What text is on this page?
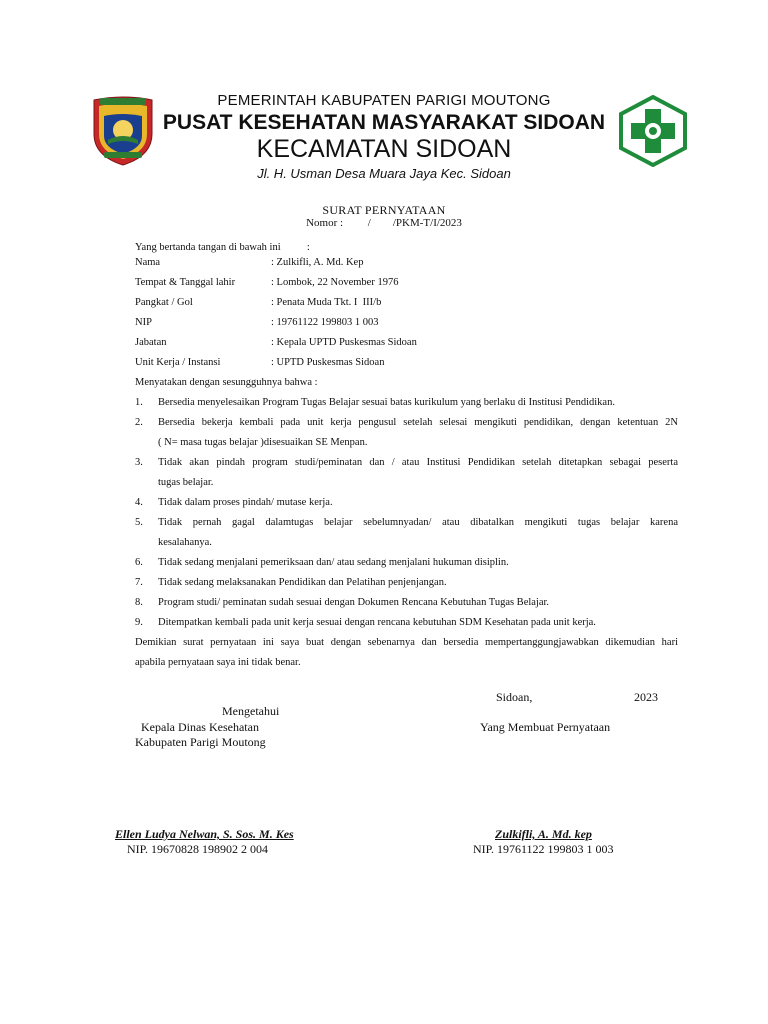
PEMERINTAH KABUPATEN PARIGI MOUTONG
PUSAT KESEHATAN MASYARAKAT SIDOAN
KECAMATAN SIDOAN
Jl. H. Usman Desa Muara Jaya Kec. Sidoan
SURAT PERNYATAAN
Nomor :         /        /PKM-T/I/2023
Yang bertanda tangan di bawah ini          :
Nama	: Zulkifli, A. Md. Kep
Tempat & Tanggal lahir	: Lombok, 22 November 1976
Pangkat / Gol	: Penata Muda Tkt. I  III/b
NIP	: 19761122 199803 1 003
Jabatan	: Kepala UPTD Puskesmas Sidoan
Unit Kerja / Instansi	: UPTD Puskesmas Sidoan
Menyatakan dengan sesungguhnya bahwa :
1. Bersedia menyelesaikan Program Tugas Belajar sesuai batas kurikulum yang berlaku di Institusi Pendidikan.
2. Bersedia bekerja kembali pada unit kerja pengusul setelah selesai mengikuti pendidikan, dengan ketentuan 2N
( N= masa tugas belajar )disesuaikan SE Menpan.
3. Tidak akan pindah program studi/peminatan dan / atau Institusi Pendidikan setelah ditetapkan sebagai peserta
tugas belajar.
4. Tidak dalam proses pindah/ mutase kerja.
5. Tidak pernah gagal dalamtugas belajar sebelumnyadan/ atau dibatalkan mengikuti tugas belajar karena
kesalahanya.
6. Tidak sedang menjalani pemeriksaan dan/ atau sedang menjalani hukuman disiplin.
7. Tidak sedang melaksanakan Pendidikan dan Pelatihan penjenjangan.
8. Program studi/ peminatan sudah sesuai dengan Dokumen Rencana Kebutuhan Tugas Belajar.
9. Ditempatkan kembali pada unit kerja sesuai dengan rencana kebutuhan SDM Kesehatan pada unit kerja.
Demikian surat pernyataan ini saya buat dengan sebenarnya dan bersedia mempertanggungjawabkan dikemudian hari
apabila pernyataan saya ini tidak benar.
Sidoan,	2023
Mengetahui
Kepala Dinas Kesehatan
Kabupaten Parigi Moutong
Ellen Ludya Nelwan, S. Sos. M. Kes
NIP. 19670828 198902 2 004
Yang Membuat Pernyataan
Zulkifli, A. Md. kep
NIP. 19761122 199803 1 003
